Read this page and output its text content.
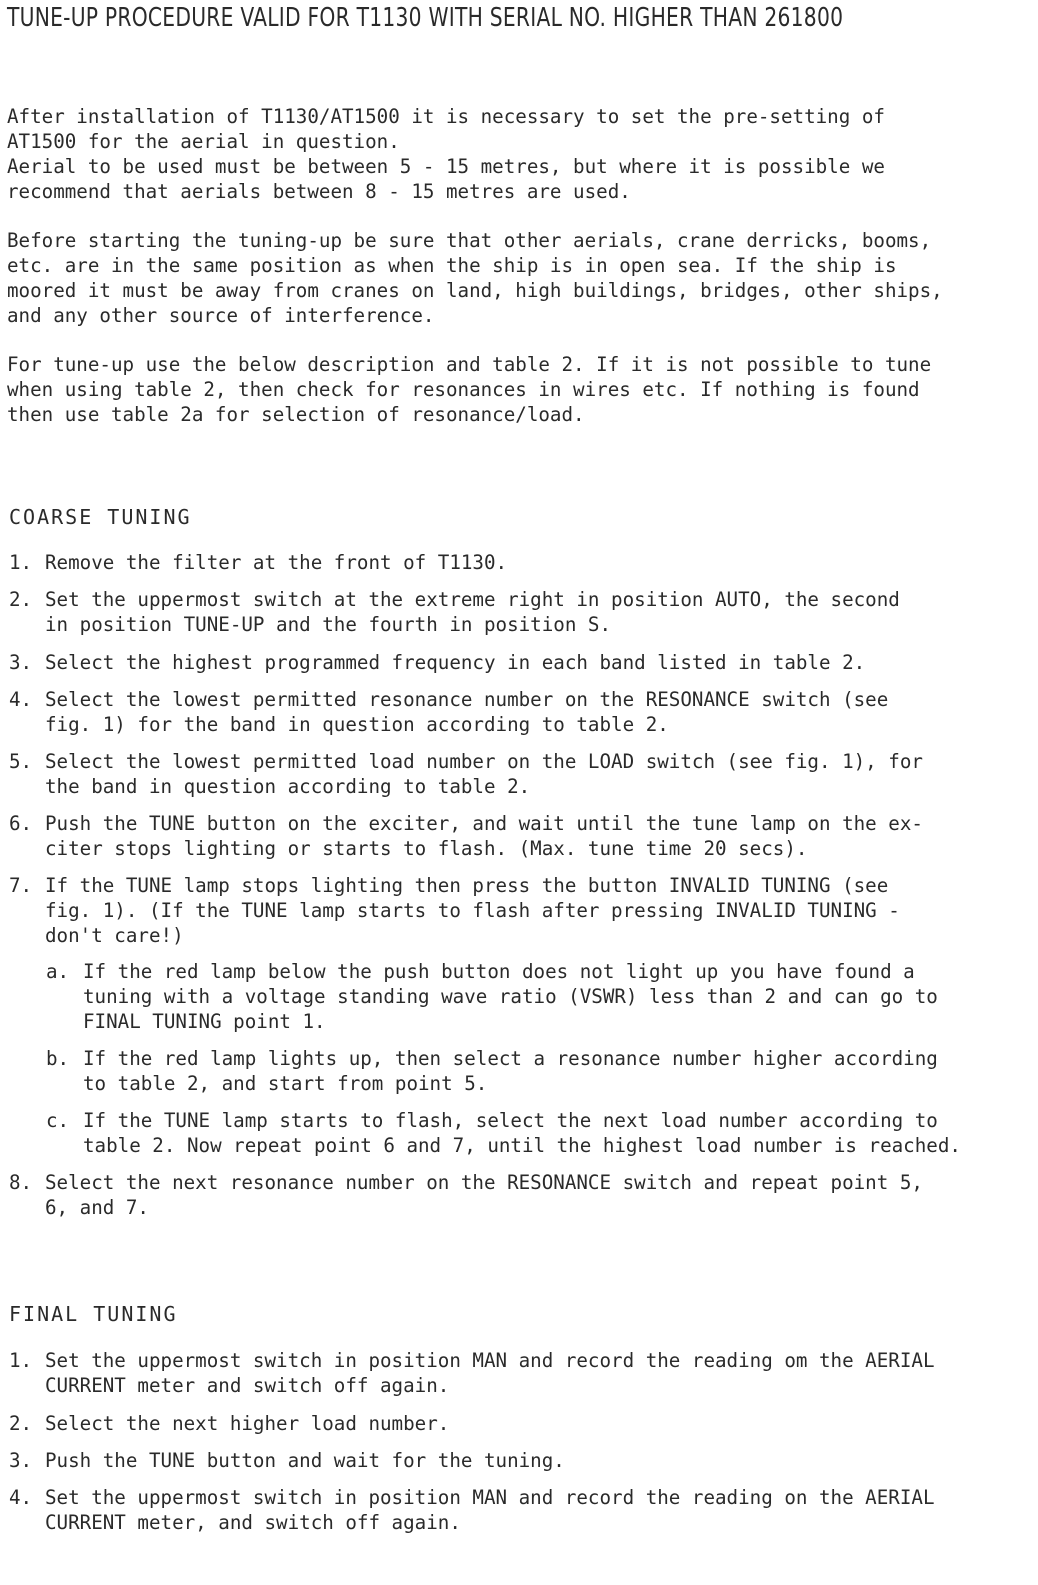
TUNE-UP PROCEDURE VALID FOR T1130 WITH SERIAL NO. HIGHER THAN 261800
After installation of T1130/AT1500 it is necessary to set the pre-setting of
AT1500 for the aerial in question.
Aerial to be used must be between 5 - 15 metres, but where it is possible we
recommend that aerials between 8 - 15 metres are used.
Before starting the tuning-up be sure that other aerials, crane derricks, booms,
etc. are in the same position as when the ship is in open sea. If the ship is
moored it must be away from cranes on land, high buildings, bridges, other ships,
and any other source of interference.
For tune-up use the below description and table 2. If it is not possible to tune
when using table 2, then check for resonances in wires etc. If nothing is found
then use table 2a for selection of resonance/load.
COARSE TUNING

1.

Remove the filter at the front of T1130.

2.

Set the uppermost switch at the extreme right in position AUTO, the second
in position TUNE-UP and the fourth in position S.

3.

Select the highest programmed frequency in each band listed in table 2.

4.

Select the lowest permitted resonance number on the RESONANCE switch (see
fig. 1) for the band in question according to table 2.

5.

Select the lowest permitted load number on the LOAD switch (see fig. 1), for
the band in question according to table 2.

6.

Push the TUNE button on the exciter, and wait until the tune lamp on the ex-
citer stops lighting or starts to flash. (Max. tune time 20 secs).

7.

If the TUNE lamp stops lighting then press the button INVALID TUNING (see
fig. 1). (If the TUNE lamp starts to flash after pressing INVALID TUNING -
don't care!)

a.

If the red lamp below the push button does not light up you have found a
tuning with a voltage standing wave ratio (VSWR) less than 2 and can go to
FINAL TUNING point 1.

b.

If the red lamp lights up, then select a resonance number higher according
to table 2, and start from point 5.

c.

If the TUNE lamp starts to flash, select the next load number according to
table 2. Now repeat point 6 and 7, until the highest load number is reached.

8.

Select the next resonance number on the RESONANCE switch and repeat point 5,
6, and 7.

FINAL TUNING

1.

Set the uppermost switch in position MAN and record the reading om the AERIAL
CURRENT meter and switch off again.

2.

Select the next higher load number.

3.

Push the TUNE button and wait for the tuning.

4.

Set the uppermost switch in position MAN and record the reading on the AERIAL
CURRENT meter, and switch off again.
